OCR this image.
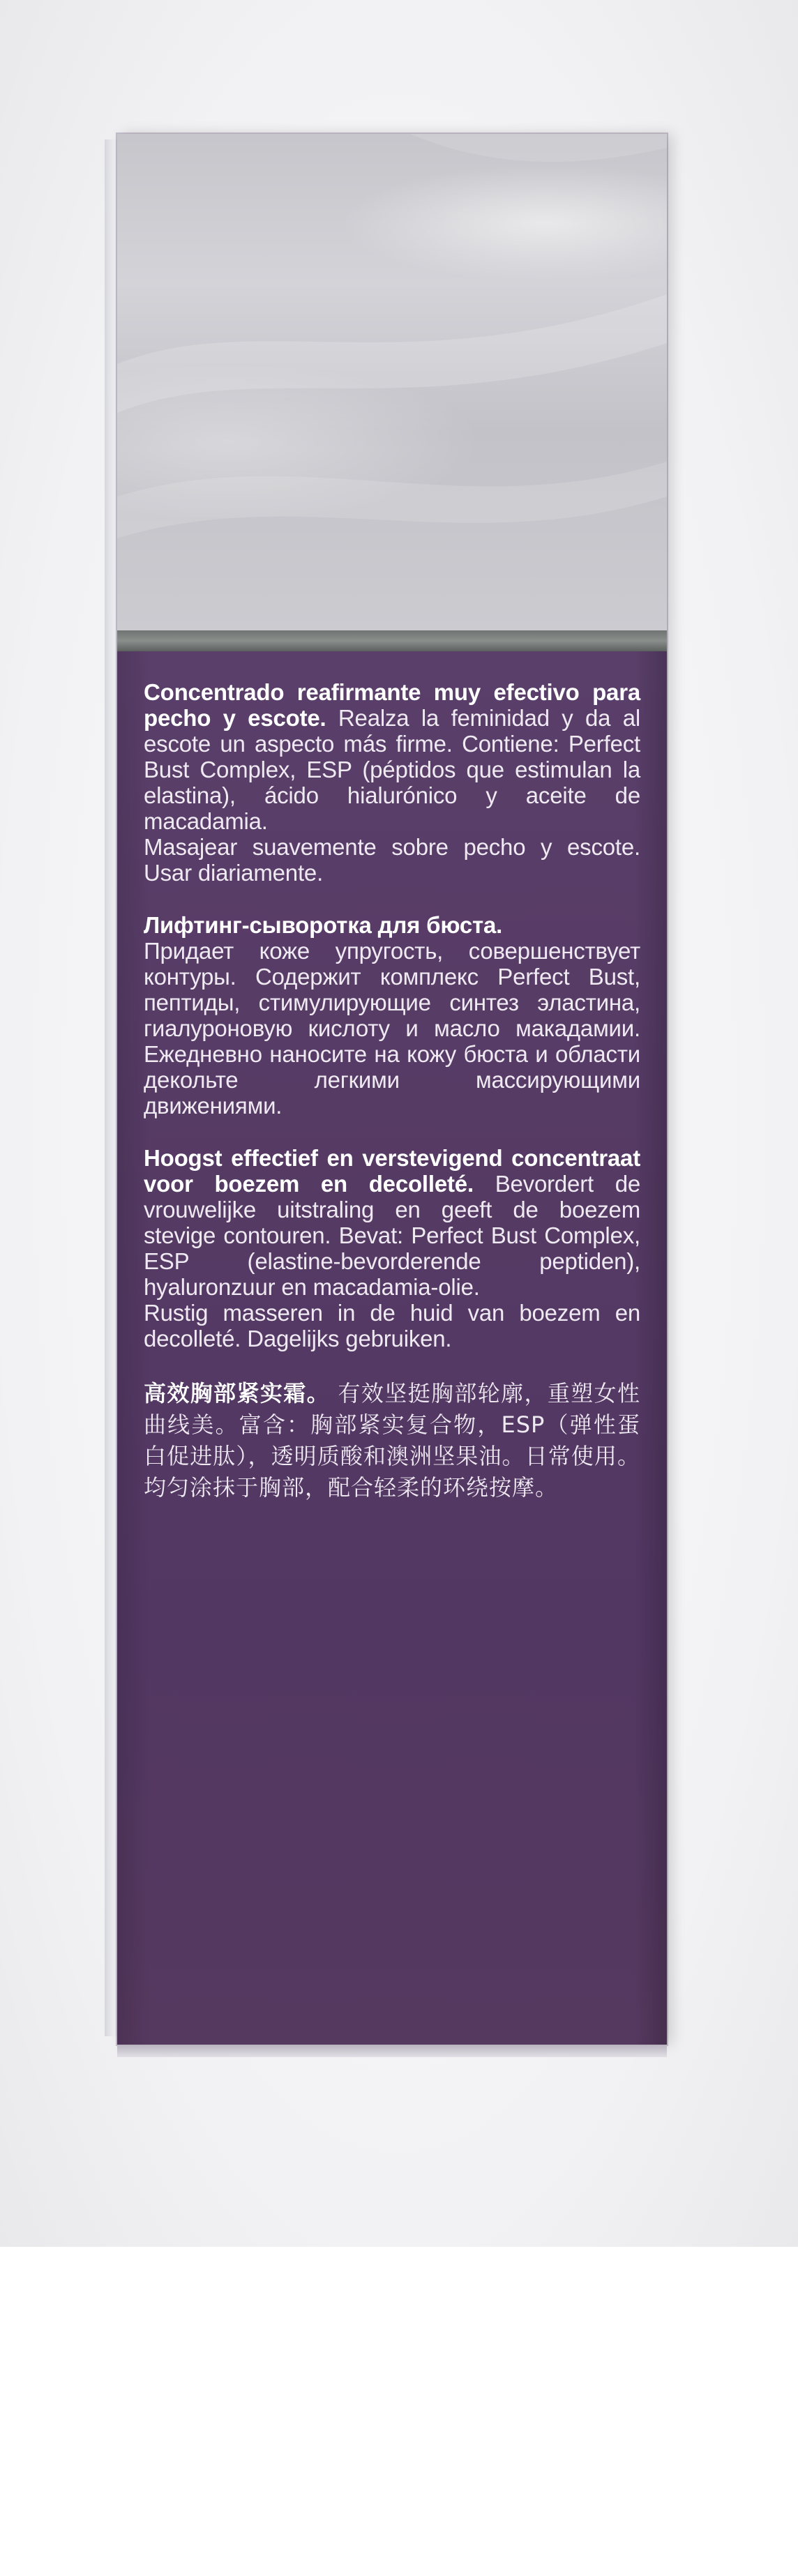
Concentrado reafirmante muy efectivo para pecho y escote. Realza la feminidad y da al escote un aspecto más firme. Contiene: Perfect Bust Complex, ESP (péptidos que estimulan la elastina), ácido hialurónico y aceite de macadamia.
Masajear suavemente sobre pecho y escote. Usar diariamente.

Лифтинг-сыворотка для бюста.
Придает коже упругость, совершенствует контуры. Содержит комплекс Perfect Bust, пептиды, стимулирующие синтез эластина, гиалуроновую кислоту и масло макадамии. Ежедневно наносите на кожу бюста и области декольте легкими массирующими движениями.

Hoogst effectief en verstevigend concentraat voor boezem en decolleté. Bevordert de vrouwelijke uitstraling en geeft de boezem stevige contouren. Bevat: Perfect Bust Complex, ESP (elastine-bevorderende peptiden), hyaluronzuur en macadamia-olie.
Rustig masseren in de huid van boezem en decolleté. Dagelijks gebruiken.

高效胸部紧实霜。 有效坚挺胸部轮廓，重塑女性曲线美。富含：胸部紧实复合物，ESP（弹性蛋白促进肽），透明质酸和澳洲坚果油。日常使用。均匀涂抹于胸部，配合轻柔的环绕按摩。
